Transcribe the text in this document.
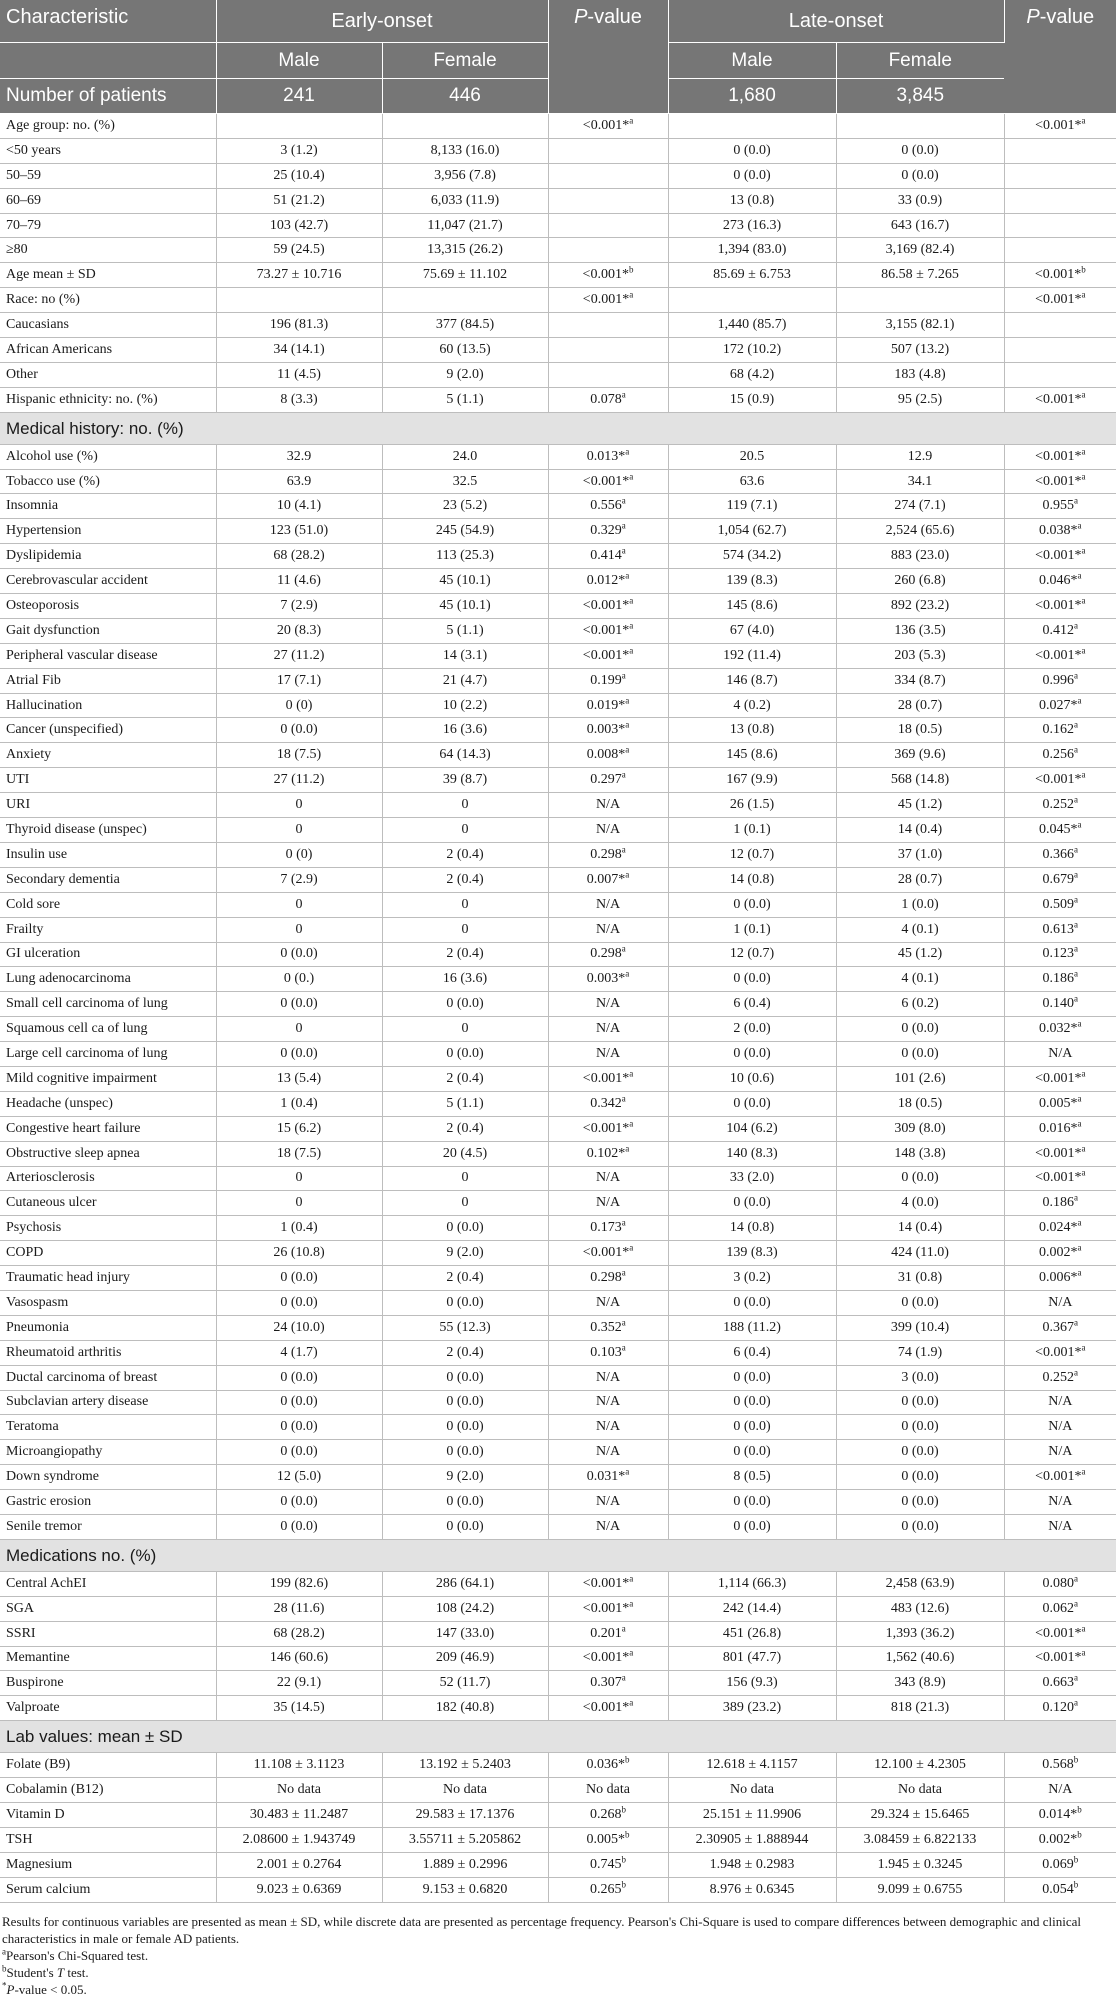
Characteristic	Early-onset		P-value	Late-onset		P-value
	Male	Female		Male	Female	
Number of patients	241	446		1,680	3,845	
Age group: no. (%)			<0.001*$^a$			<0.001*$^a$
<50 years	3 (1.2)	8,133 (16.0)		0 (0.0)	0 (0.0)	
50–59	25 (10.4)	3,956 (7.8)		0 (0.0)	0 (0.0)	
60–69	51 (21.2)	6,033 (11.9)		13 (0.8)	33 (0.9)	
70–79	103 (42.7)	11,047 (21.7)		273 (16.3)	643 (16.7)	
≥80	59 (24.5)	13,315 (26.2)		1,394 (83.0)	3,169 (82.4)	
Age mean ± SD	73.27 ± 10.716	75.69 ± 11.102	<0.001*$^b$	85.69 ± 6.753	86.58 ± 7.265	<0.001*$^b$
Race: no (%)			<0.001*$^a$			<0.001*$^a$
Caucasians	196 (81.3)	377 (84.5)		1,440 (85.7)	3,155 (82.1)	
African Americans	34 (14.1)	60 (13.5)		172 (10.2)	507 (13.2)	
Other	11 (4.5)	9 (2.0)		68 (4.2)	183 (4.8)	
Hispanic ethnicity: no. (%)	8 (3.3)	5 (1.1)	0.078$^a$	15 (0.9)	95 (2.5)	<0.001*$^a$
Medical history: no. (%)						
Alcohol use (%)	32.9	24.0	0.013*$^a$	20.5	12.9	<0.001*$^a$
Tobacco use (%)	63.9	32.5	<0.001*$^a$	63.6	34.1	<0.001*$^a$
Insomnia	10 (4.1)	23 (5.2)	0.556$^a$	119 (7.1)	274 (7.1)	0.955$^a$
Hypertension	123 (51.0)	245 (54.9)	0.329$^a$	1,054 (62.7)	2,524 (65.6)	0.038*$^a$
Dyslipidemia	68 (28.2)	113 (25.3)	0.414$^a$	574 (34.2)	883 (23.0)	<0.001*$^a$
Cerebrovascular accident	11 (4.6)	45 (10.1)	0.012*$^a$	139 (8.3)	260 (6.8)	0.046*$^a$
Osteoporosis	7 (2.9)	45 (10.1)	<0.001*$^a$	145 (8.6)	892 (23.2)	<0.001*$^a$
Gait dysfunction	20 (8.3)	5 (1.1)	<0.001*$^a$	67 (4.0)	136 (3.5)	0.412$^a$
Peripheral vascular disease	27 (11.2)	14 (3.1)	<0.001*$^a$	192 (11.4)	203 (5.3)	<0.001*$^a$
Atrial Fib	17 (7.1)	21 (4.7)	0.199$^a$	146 (8.7)	334 (8.7)	0.996$^a$
Hallucination	0 (0)	10 (2.2)	0.019*$^a$	4 (0.2)	28 (0.7)	0.027*$^a$
Cancer (unspecified)	0 (0.0)	16 (3.6)	0.003*$^a$	13 (0.8)	18 (0.5)	0.162$^a$
Anxiety	18 (7.5)	64 (14.3)	0.008*$^a$	145 (8.6)	369 (9.6)	0.256$^a$
UTI	27 (11.2)	39 (8.7)	0.297$^a$	167 (9.9)	568 (14.8)	<0.001*$^a$
URI	0	0	N/A	26 (1.5)	45 (1.2)	0.252$^a$
Thyroid disease (unspec)	0	0	N/A	1 (0.1)	14 (0.4)	0.045*$^a$
Insulin use	0 (0)	2 (0.4)	0.298$^a$	12 (0.7)	37 (1.0)	0.366$^a$
Secondary dementia	7 (2.9)	2 (0.4)	0.007*$^a$	14 (0.8)	28 (0.7)	0.679$^a$
Cold sore	0	0	N/A	0 (0.0)	1 (0.0)	0.509$^a$
Frailty	0	0	N/A	1 (0.1)	4 (0.1)	0.613$^a$
GI ulceration	0 (0.0)	2 (0.4)	0.298$^a$	12 (0.7)	45 (1.2)	0.123$^a$
Lung adenocarcinoma	0 (0.)	16 (3.6)	0.003*$^a$	0 (0.0)	4 (0.1)	0.186$^a$
Small cell carcinoma of lung	0 (0.0)	0 (0.0)	N/A	6 (0.4)	6 (0.2)	0.140$^a$
Squamous cell ca of lung	0	0	N/A	2 (0.0)	0 (0.0)	0.032*$^a$
Large cell carcinoma of lung	0 (0.0)	0 (0.0)	N/A	0 (0.0)	0 (0.0)	N/A
Mild cognitive impairment	13 (5.4)	2 (0.4)	<0.001*$^a$	10 (0.6)	101 (2.6)	<0.001*$^a$
Headache (unspec)	1 (0.4)	5 (1.1)	0.342$^a$	0 (0.0)	18 (0.5)	0.005*$^a$
Congestive heart failure	15 (6.2)	2 (0.4)	<0.001*$^a$	104 (6.2)	309 (8.0)	0.016*$^a$
Obstructive sleep apnea	18 (7.5)	20 (4.5)	0.102*$^a$	140 (8.3)	148 (3.8)	<0.001*$^a$
Arteriosclerosis	0	0	N/A	33 (2.0)	0 (0.0)	<0.001*$^a$
Cutaneous ulcer	0	0	N/A	0 (0.0)	4 (0.0)	0.186$^a$
Psychosis	1 (0.4)	0 (0.0)	0.173$^a$	14 (0.8)	14 (0.4)	0.024*$^a$
COPD	26 (10.8)	9 (2.0)	<0.001*$^a$	139 (8.3)	424 (11.0)	0.002*$^a$
Traumatic head injury	0 (0.0)	2 (0.4)	0.298$^a$	3 (0.2)	31 (0.8)	0.006*$^a$
Vasospasm	0 (0.0)	0 (0.0)	N/A	0 (0.0)	0 (0.0)	N/A
Pneumonia	24 (10.0)	55 (12.3)	0.352$^a$	188 (11.2)	399 (10.4)	0.367$^a$
Rheumatoid arthritis	4 (1.7)	2 (0.4)	0.103$^a$	6 (0.4)	74 (1.9)	<0.001*$^a$
Ductal carcinoma of breast	0 (0.0)	0 (0.0)	N/A	0 (0.0)	3 (0.0)	0.252$^a$
Subclavian artery disease	0 (0.0)	0 (0.0)	N/A	0 (0.0)	0 (0.0)	N/A
Teratoma	0 (0.0)	0 (0.0)	N/A	0 (0.0)	0 (0.0)	N/A
Microangiopathy	0 (0.0)	0 (0.0)	N/A	0 (0.0)	0 (0.0)	N/A
Down syndrome	12 (5.0)	9 (2.0)	0.031*$^a$	8 (0.5)	0 (0.0)	<0.001*$^a$
Gastric erosion	0 (0.0)	0 (0.0)	N/A	0 (0.0)	0 (0.0)	N/A
Senile tremor	0 (0.0)	0 (0.0)	N/A	0 (0.0)	0 (0.0)	N/A
Medications no. (%)						
Central AchEI	199 (82.6)	286 (64.1)	<0.001*$^a$	1,114 (66.3)	2,458 (63.9)	0.080$^a$
SGA	28 (11.6)	108 (24.2)	<0.001*$^a$	242 (14.4)	483 (12.6)	0.062$^a$
SSRI	68 (28.2)	147 (33.0)	0.201$^a$	451 (26.8)	1,393 (36.2)	<0.001*$^a$
Memantine	146 (60.6)	209 (46.9)	<0.001*$^a$	801 (47.7)	1,562 (40.6)	<0.001*$^a$
Buspirone	22 (9.1)	52 (11.7)	0.307$^a$	156 (9.3)	343 (8.9)	0.663$^a$
Valproate	35 (14.5)	182 (40.8)	<0.001*$^a$	389 (23.2)	818 (21.3)	0.120$^a$
Lab values: mean ± SD						
Folate (B9)	11.108 ± 3.1123	13.192 ± 5.2403	0.036*$^b$	12.618 ± 4.1157	12.100 ± 4.2305	0.568$^b$
Cobalamin (B12)	No data	No data	No data	No data	No data	N/A
Vitamin D	30.483 ± 11.2487	29.583 ± 17.1376	0.268$^b$	25.151 ± 11.9906	29.324 ± 15.6465	0.014*$^b$
TSH	2.08600 ± 1.943749	3.55711 ± 5.205862	0.005*$^b$	2.30905 ± 1.888944	3.08459 ± 6.822133	0.002*$^b$
Magnesium	2.001 ± 0.2764	1.889 ± 0.2996	0.745$^b$	1.948 ± 0.2983	1.945 ± 0.3245	0.069$^b$
Serum calcium	9.023 ± 0.6369	9.153 ± 0.6820	0.265$^b$	8.976 ± 0.6345	9.099 ± 0.6755	0.054$^b$

Results for continuous variables are presented as mean ± SD, while discrete data are presented as percentage frequency. Pearson's Chi-Square is used to compare differences between demographic and clinical characteristics in male or female AD patients.

$^a$Pearson's Chi-Squared test.

$^b$Student's T test.

*P-value < 0.05.
